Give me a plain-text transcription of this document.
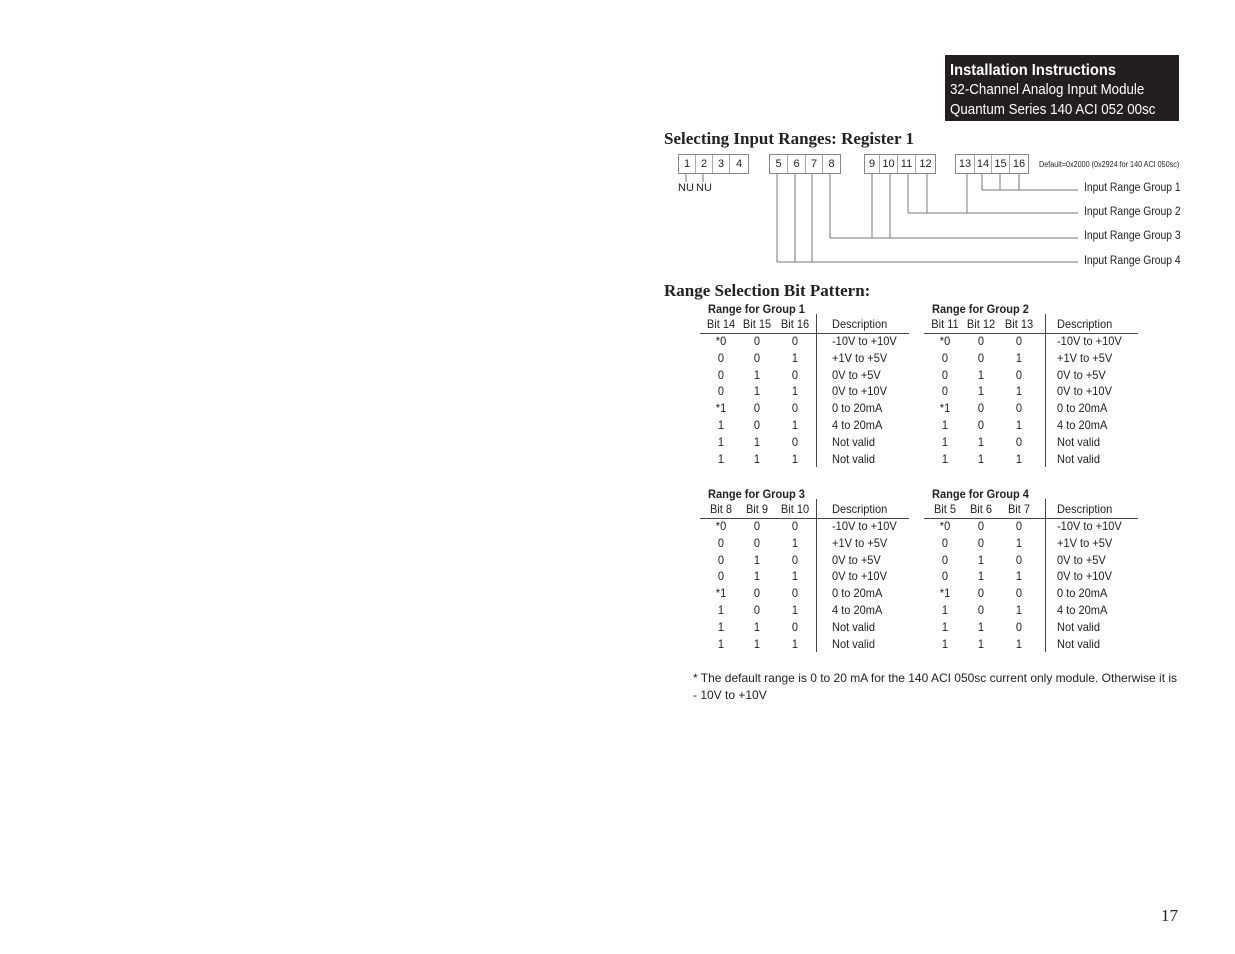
Installation Instructions
32-Channel Analog Input Module
Quantum Series 140 ACI 052 00sc
Selecting Input Ranges: Register 1
1 2 3	4	5	6	7	8	9 10 11 12	13 14 15 16	Default=0x2000 (0x2924 for 140 ACI 050sc)
NU NU	Input Range Group 1
Input Range Group 2
Input Range Group 3
Input Range Group 4
Range Selection Bit Pattern:
Range for Group 1
Bit 14 Bit 15 Bit 16	Description
*0	0	0	-10V to +10V
0	0	1	+1V to +5V
0	1	0	0V to +5V
0	1	1	0V to +10V
*1	0	0	0 to 20mA
1	0	1	4 to 20mA
1	1	0	Not valid
1	1	1	Not valid
Range for Group 2
Bit 11 Bit 12 Bit 13	Description
*0	0	0	-10V to +10V
0	0	1	+1V to +5V
0	1	0	0V to +5V
0	1	1	0V to +10V
*1	0	0	0 to 20mA
1	0	1	4 to 20mA
1	1	0	Not valid
1	1	1	Not valid
Range for Group 3
Bit 8	Bit 9	Bit 10	Description
*0	0	0	-10V to +10V
0	0	1	+1V to +5V
0	1	0	0V to +5V
0	1	1	0V to +10V
*1	0	0	0 to 20mA
1	0	1	4 to 20mA
1	1	0	Not valid
1	1	1	Not valid
Range for Group 4
Bit 5	Bit 6	Bit 7	Description
*0	0	0	-10V to +10V
0	0	1	+1V to +5V
0	1	0	0V to +5V
0	1	1	0V to +10V
*1	0	0	0 to 20mA
1	0	1	4 to 20mA
1	1	0	Not valid
1	1	1	Not valid
* The default range is 0 to 20 mA for the 140 ACI 050sc current only module. Otherwise it is - 10V to +10V
17
